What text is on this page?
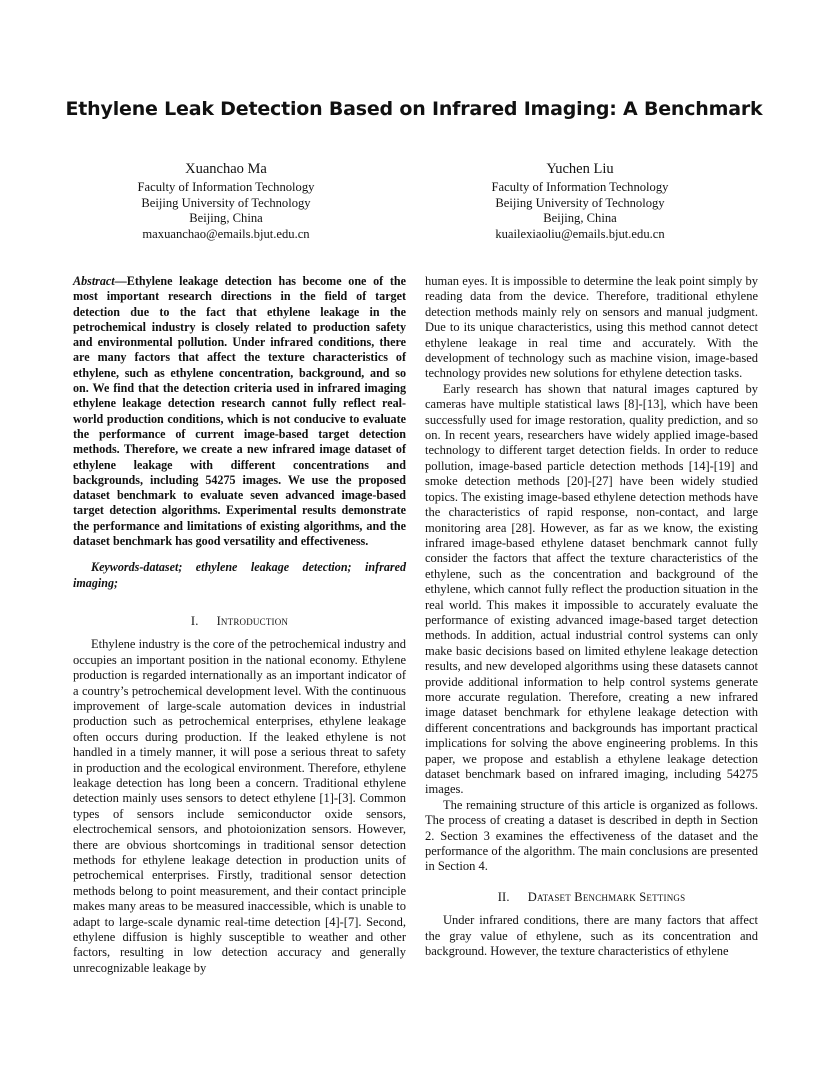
Ethylene Leak Detection Based on Infrared Imaging: A Benchmark
Xuanchao Ma
Faculty of Information Technology
Beijing University of Technology
Beijing, China
maxuanchao@emails.bjut.edu.cn
Yuchen Liu
Faculty of Information Technology
Beijing University of Technology
Beijing, China
kuailexiaoliu@emails.bjut.edu.cn

Abstract—Ethylene leakage detection has become one of the most important research directions in the field of target detection due to the fact that ethylene leakage in the petrochemical industry is closely related to production safety and environmental pollution. Under infrared conditions, there are many factors that affect the texture characteristics of ethylene, such as ethylene concentration, background, and so on. We find that the detection criteria used in infrared imaging ethylene leakage detection research cannot fully reflect real-world production conditions, which is not conducive to evaluate the performance of current image-based target detection methods. Therefore, we create a new infrared image dataset of ethylene leakage with different concentrations and backgrounds, including 54275 images. We use the proposed dataset benchmark to evaluate seven advanced image-based target detection algorithms. Experimental results demonstrate the performance and limitations of existing algorithms, and the dataset benchmark has good versatility and effectiveness.

Keywords-dataset; ethylene leakage detection; infrared imaging;

I. Introduction

Ethylene industry is the core of the petrochemical industry and occupies an important position in the national economy. Ethylene production is regarded internationally as an important indicator of a country’s petrochemical development level. With the continuous improvement of large-scale automation devices in industrial production such as petrochemical enterprises, ethylene leakage often occurs during production. If the leaked ethylene is not handled in a timely manner, it will pose a serious threat to safety in production and the ecological environment. Therefore, ethylene leakage detection has long been a concern. Traditional ethylene detection mainly uses sensors to detect ethylene [1]-[3]. Common types of sensors include semiconductor oxide sensors, electrochemical sensors, and photoionization sensors. However, there are obvious shortcomings in traditional sensor detection methods for ethylene leakage detection in production units of petrochemical enterprises. Firstly, traditional sensor detection methods belong to point measurement, and their contact principle makes many areas to be measured inaccessible, which is unable to adapt to large-scale dynamic real-time detection [4]-[7]. Second, ethylene diffusion is highly susceptible to weather and other factors, resulting in low detection accuracy and generally unrecognizable leakage by

human eyes. It is impossible to determine the leak point simply by reading data from the device. Therefore, traditional ethylene detection methods mainly rely on sensors and manual judgment. Due to its unique characteristics, using this method cannot detect ethylene leakage in real time and accurately. With the development of technology such as machine vision, image-based technology provides new solutions for ethylene detection tasks.

Early research has shown that natural images captured by cameras have multiple statistical laws [8]-[13], which have been successfully used for image restoration, quality prediction, and so on. In recent years, researchers have widely applied image-based technology to different target detection fields. In order to reduce pollution, image-based particle detection methods [14]-[19] and smoke detection methods [20]-[27] have been widely studied topics. The existing image-based ethylene detection methods have the characteristics of rapid response, non-contact, and large monitoring area [28]. However, as far as we know, the existing infrared image-based ethylene dataset benchmark cannot fully consider the factors that affect the texture characteristics of the ethylene, such as the concentration and background of the ethylene, which cannot fully reflect the production situation in the real world. This makes it impossible to accurately evaluate the performance of existing advanced image-based target detection methods. In addition, actual industrial control systems can only make basic decisions based on limited ethylene leakage detection results, and new developed algorithms using these datasets cannot provide additional information to help control systems generate more accurate regulation. Therefore, creating a new infrared image dataset benchmark for ethylene leakage detection with different concentrations and backgrounds has important practical implications for solving the above engineering problems. In this paper, we propose and establish a ethylene leakage detection dataset benchmark based on infrared imaging, including 54275 images.

The remaining structure of this article is organized as follows. The process of creating a dataset is described in depth in Section 2. Section 3 examines the effectiveness of the dataset and the performance of the algorithm. The main conclusions are presented in Section 4.

II. Dataset Benchmark Settings

Under infrared conditions, there are many factors that affect the gray value of ethylene, such as its concentration and background. However, the texture characteristics of ethylene
